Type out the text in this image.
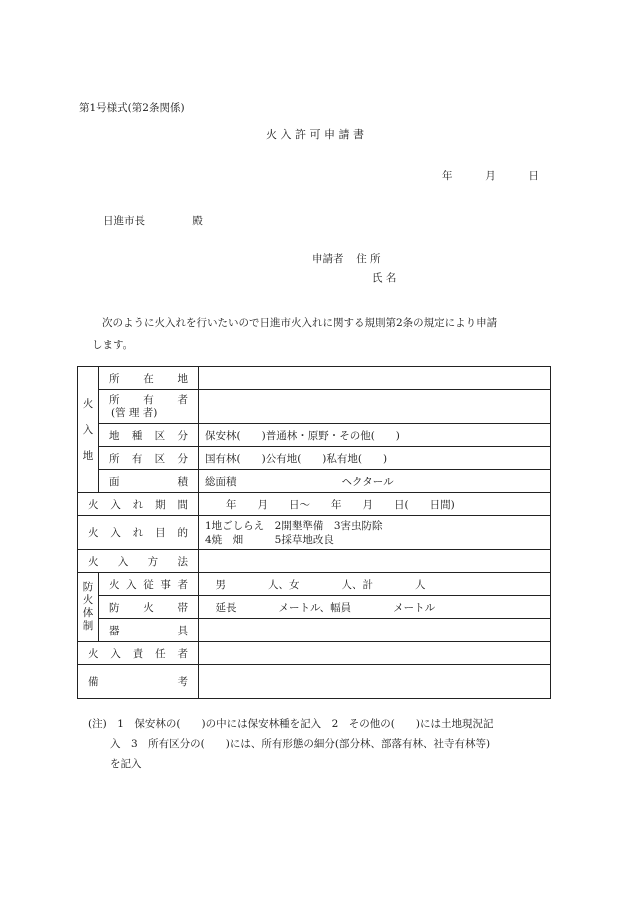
第1号様式(第2条関係)
火 入 許 可 申 請 書
年	月	日
日進市長	殿
申請者 住 所
氏 名
次のように火入れを行いたいので日進市火入れに関する規則第2条の規定により申請
します。
火
入
地	所 在 地	

	所 有 者
(管 理 者)	

	地 種 区 分	保安林(　　)普通林・原野・その他(　　)
	所 有 区 分	国有林(　　)公有地(　　)私有地(　　)
	面 積	総面積　　　　　　　　　　ヘクタール
火 入 れ 期 間		　　年　　月　　日～　　年　　月　　日(　　日間)
火 入 れ 目 的		1地ごしらえ　2開墾準備　3害虫防除
4焼　畑　　　5採草地改良

火 入 方 法		
防
火
体
制	火 入 従 事 者	　男　　　　人、女　　　　人、計　　　　人
	防 火 帯	　延長　　　　メートル、幅員　　　　メートル
	器 具	
火 入 責 任 者		
備 考		
(注)　1　保安林の(　　)の中には保安林種を記入　2　その他の(　　)には土地現況記
入　3　所有区分の(　　)には、所有形態の細分(部分林、部落有林、社寺有林等)
を記入
